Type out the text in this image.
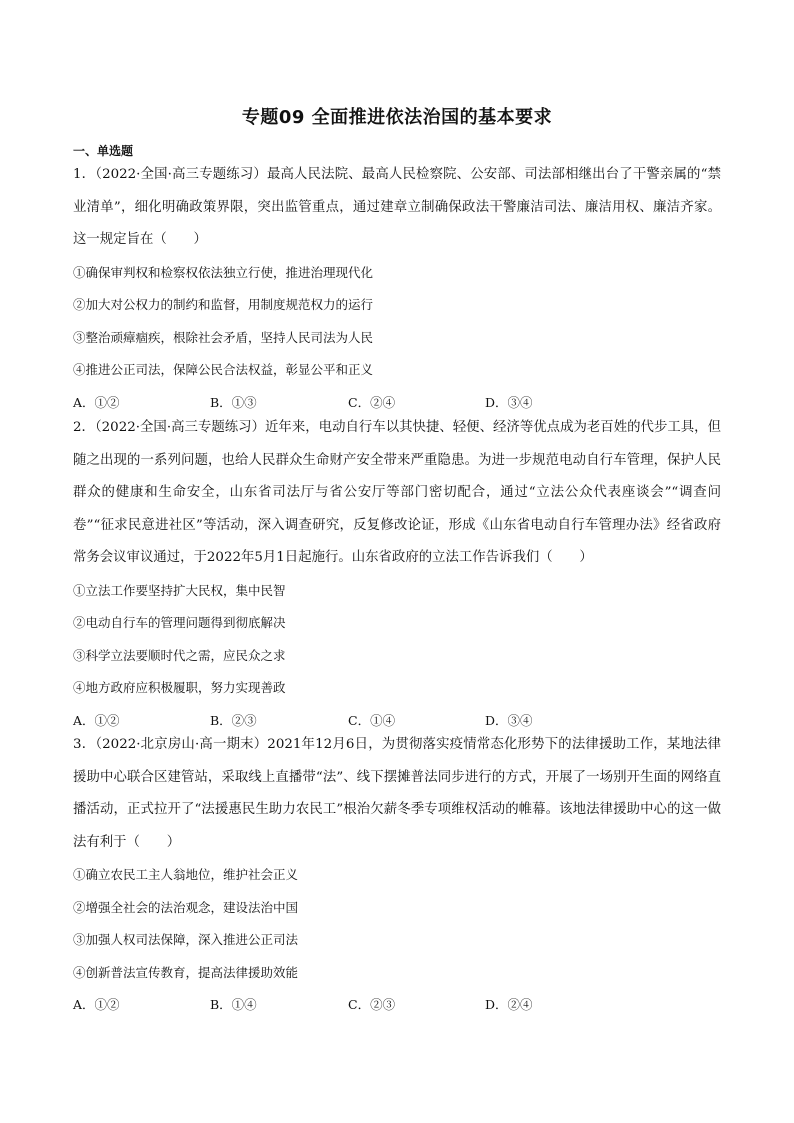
专题09 全面推进依法治国的基本要求
一、单选题

1．（2022·全国·高三专题练习）最高人民法院、最高人民检察院、公安部、司法部相继出台了干警亲属的“禁业清单”，细化明确政策界限，突出监管重点，通过建章立制确保政法干警廉洁司法、廉洁用权、廉洁齐家。这一规定旨在（　　）

①确保审判权和检察权依法独立行使，推进治理现代化
②加大对公权力的制约和监督，用制度规范权力的运行
③整治顽瘴痼疾，根除社会矛盾，坚持人民司法为人民
④推进公正司法，保障公民合法权益，彰显公平和正义
A．①②	B．①③	C．②④	D．③④

2．（2022·全国·高三专题练习）近年来，电动自行车以其快捷、轻便、经济等优点成为老百姓的代步工具，但随之出现的一系列问题，也给人民群众生命财产安全带来严重隐患。为进一步规范电动自行车管理，保护人民群众的健康和生命安全，山东省司法厅与省公安厅等部门密切配合，通过“立法公众代表座谈会”“调查问卷”“征求民意进社区”等活动，深入调查研究，反复修改论证，形成《山东省电动自行车管理办法》经省政府常务会议审议通过，于2022年5月1日起施行。山东省政府的立法工作告诉我们（　　）

①立法工作要坚持扩大民权，集中民智
②电动自行车的管理问题得到彻底解决
③科学立法要顺时代之需，应民众之求
④地方政府应积极履职，努力实现善政
A．①②	B．②③	C．①④	D．③④

3．（2022·北京房山·高一期末）2021年12月6日，为贯彻落实疫情常态化形势下的法律援助工作，某地法律援助中心联合区建管站，采取线上直播带“法”、线下摆摊普法同步进行的方式，开展了一场别开生面的网络直播活动，正式拉开了“法援惠民生助力农民工”根治欠薪冬季专项维权活动的帷幕。该地法律援助中心的这一做法有利于（　　）

①确立农民工主人翁地位，维护社会正义
②增强全社会的法治观念，建设法治中国
③加强人权司法保障，深入推进公正司法
④创新普法宣传教育，提高法律援助效能
A．①②	B．①④	C．②③	D．②④
